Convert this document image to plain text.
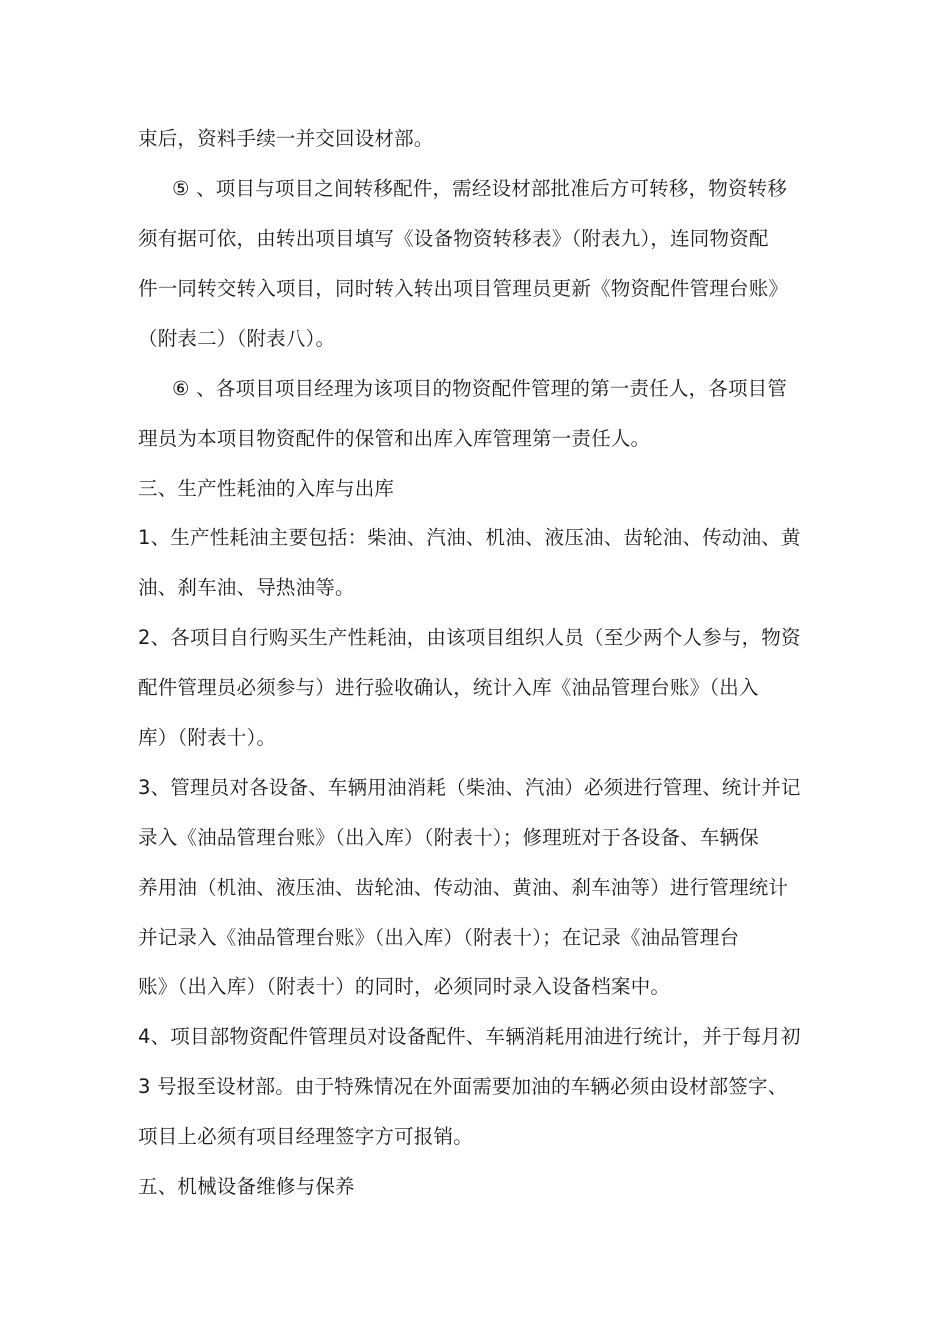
束后，资料手续一并交回设材部。
⑤ 、项目与项目之间转移配件，需经设材部批准后方可转移，物资转移
须有据可依，由转出项目填写《设备物资转移表》（附表九），连同物资配
件一同转交转入项目，同时转入转出项目管理员更新《物资配件管理台账》
（附表二）（附表八）。
⑥ 、各项目项目经理为该项目的物资配件管理的第一责任人，各项目管
理员为本项目物资配件的保管和出库入库管理第一责任人。
三、生产性耗油的入库与出库
1、生产性耗油主要包括：柴油、汽油、机油、液压油、齿轮油、传动油、黄
油、刹车油、导热油等。
2、各项目自行购买生产性耗油，由该项目组织人员（至少两个人参与，物资
配件管理员必须参与）进行验收确认，统计入库《油品管理台账》（出入
库）（附表十）。
3、管理员对各设备、车辆用油消耗（柴油、汽油）必须进行管理、统计并记
录入《油品管理台账》（出入库）（附表十）；修理班对于各设备、车辆保
养用油（机油、液压油、齿轮油、传动油、黄油、刹车油等）进行管理统计
并记录入《油品管理台账》（出入库）（附表十）；在记录《油品管理台
账》（出入库）（附表十）的同时，必须同时录入设备档案中。
4、项目部物资配件管理员对设备配件、车辆消耗用油进行统计，并于每月初
3 号报至设材部。由于特殊情况在外面需要加油的车辆必须由设材部签字、
项目上必须有项目经理签字方可报销。
五、机械设备维修与保养
